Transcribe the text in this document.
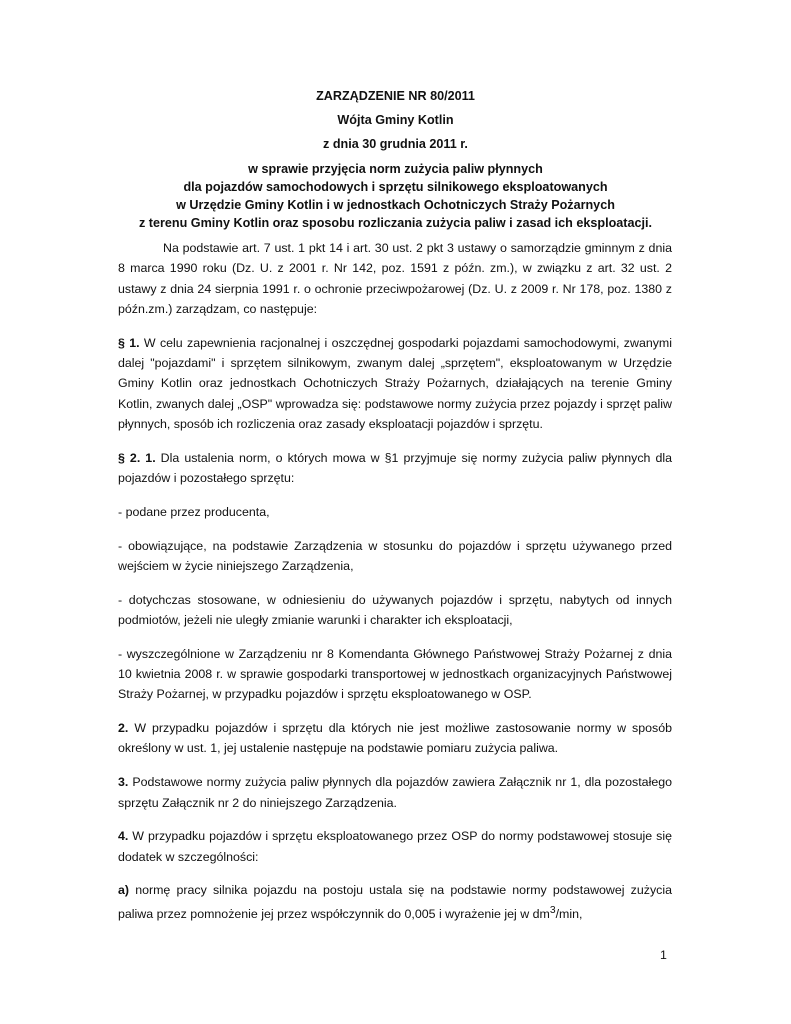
ZARZĄDZENIE NR 80/2011
Wójta Gminy Kotlin
z dnia 30 grudnia 2011 r.
w sprawie przyjęcia norm zużycia paliw płynnych
dla pojazdów samochodowych i sprzętu silnikowego eksploatowanych
w Urzędzie Gminy Kotlin i w jednostkach Ochotniczych Straży Pożarnych
z terenu Gminy Kotlin oraz sposobu rozliczania zużycia paliw i zasad ich eksploatacji.

Na podstawie art. 7 ust. 1 pkt 14 i art. 30 ust. 2 pkt 3 ustawy o samorządzie gminnym z dnia 8 marca 1990 roku (Dz. U. z 2001 r. Nr 142, poz. 1591 z późn. zm.), w związku z art. 32 ust. 2 ustawy z dnia 24 sierpnia 1991 r. o ochronie przeciwpożarowej (Dz. U. z 2009 r. Nr 178, poz. 1380 z późn.zm.) zarządzam, co następuje:

§ 1. W celu zapewnienia racjonalnej i oszczędnej gospodarki pojazdami samochodowymi, zwanymi dalej "pojazdami" i sprzętem silnikowym, zwanym dalej „sprzętem", eksploatowanym w Urzędzie Gminy Kotlin oraz jednostkach Ochotniczych Straży Pożarnych, działających na terenie Gminy Kotlin, zwanych dalej „OSP" wprowadza się: podstawowe normy zużycia przez pojazdy i sprzęt paliw płynnych, sposób ich rozliczenia oraz zasady eksploatacji pojazdów i sprzętu.

§ 2. 1. Dla ustalenia norm, o których mowa w §1 przyjmuje się normy zużycia paliw płynnych dla pojazdów i pozostałego sprzętu:

- podane przez producenta,

- obowiązujące, na podstawie Zarządzenia w stosunku do pojazdów i sprzętu używanego przed wejściem w życie niniejszego Zarządzenia,

- dotychczas stosowane, w odniesieniu do używanych pojazdów i sprzętu, nabytych od innych podmiotów, jeżeli nie uległy zmianie warunki i charakter ich eksploatacji,

- wyszczególnione w Zarządzeniu nr 8 Komendanta Głównego Państwowej Straży Pożarnej z dnia 10 kwietnia 2008 r. w sprawie gospodarki transportowej w jednostkach organizacyjnych Państwowej Straży Pożarnej, w przypadku pojazdów i sprzętu eksploatowanego w OSP.

2. W przypadku pojazdów i sprzętu dla których nie jest możliwe zastosowanie normy w sposób określony w ust. 1, jej ustalenie następuje na podstawie pomiaru zużycia paliwa.

3. Podstawowe normy zużycia paliw płynnych dla pojazdów zawiera Załącznik nr 1, dla pozostałego sprzętu Załącznik nr 2 do niniejszego Zarządzenia.

4. W przypadku pojazdów i sprzętu eksploatowanego przez OSP do normy podstawowej stosuje się dodatek w szczególności:

a) normę pracy silnika pojazdu na postoju ustala się na podstawie normy podstawowej zużycia paliwa przez pomnożenie jej przez współczynnik do 0,005 i wyrażenie jej w $dm^3/\min$,

1
